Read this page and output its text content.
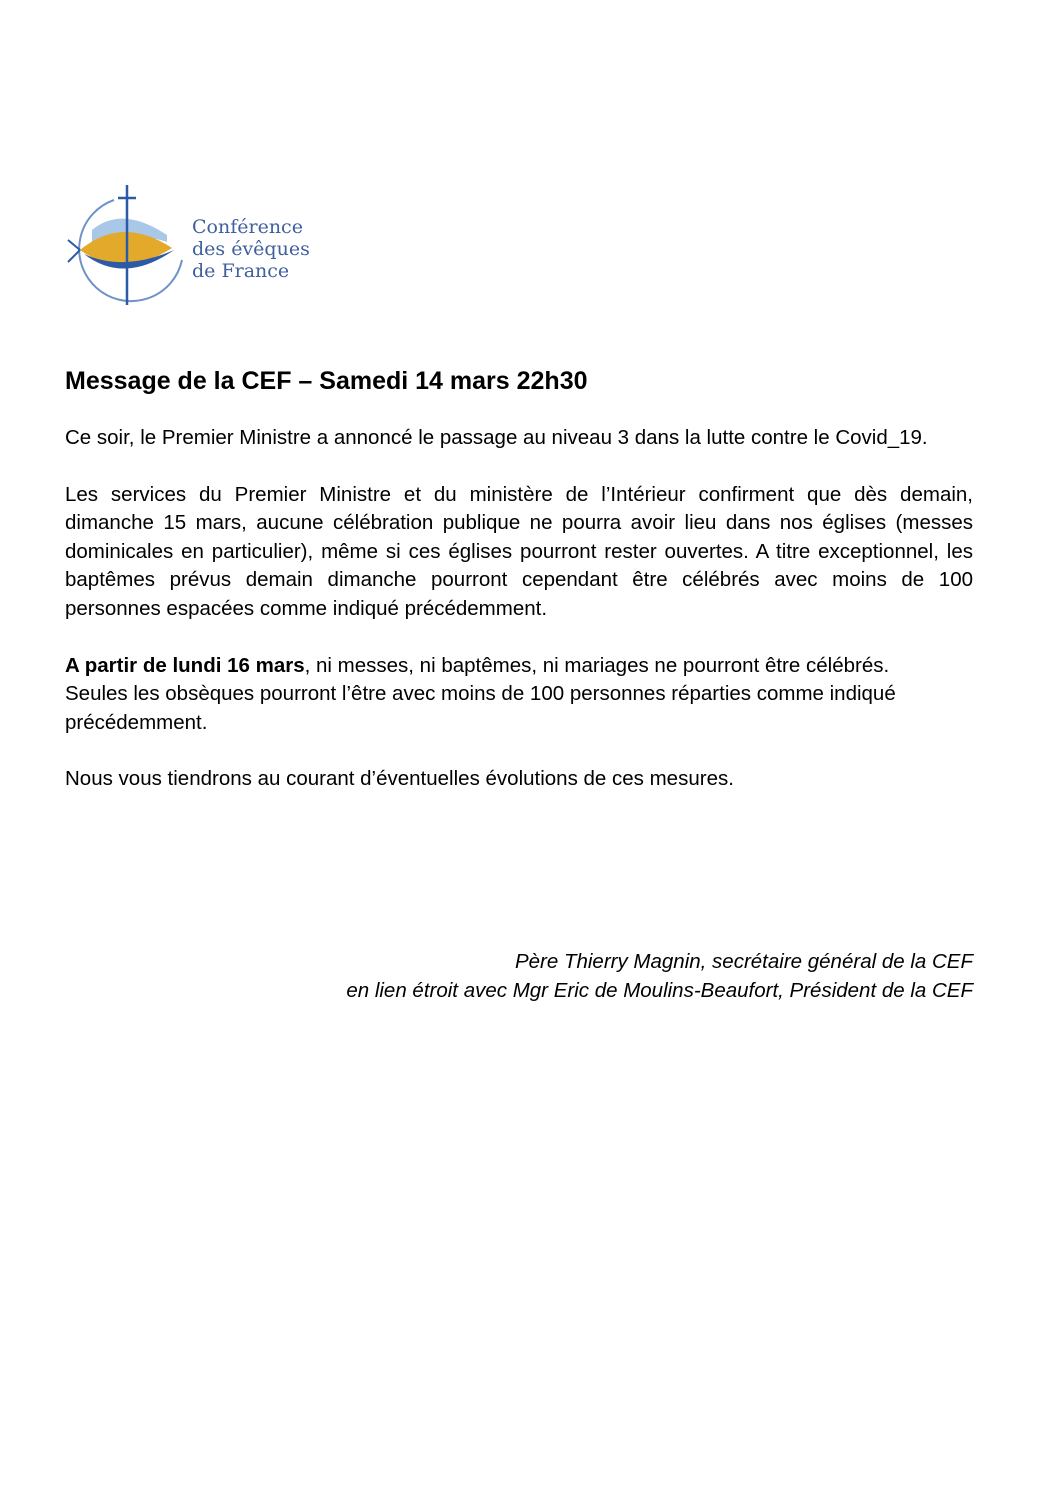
Conférence
des évêques
de France
Message de la CEF – Samedi 14 mars 22h30

Ce soir, le Premier Ministre a annoncé le passage au niveau 3 dans la lutte contre le Covid_19.

Les services du Premier Ministre et du ministère de l’Intérieur confirment que dès demain, dimanche 15 mars, aucune célébration publique ne pourra avoir lieu dans nos églises (messes dominicales en particulier), même si ces églises pourront rester ouvertes. A titre exceptionnel, les baptêmes prévus demain dimanche pourront cependant être célébrés avec moins de 100 personnes espacées comme indiqué précédemment.

A partir de lundi 16 mars, ni messes, ni baptêmes, ni mariages ne pourront être célébrés.
Seules les obsèques pourront l’être avec moins de 100 personnes réparties comme indiqué précédemment.

Nous vous tiendrons au courant d’éventuelles évolutions de ces mesures.

Père Thierry Magnin, secrétaire général de la CEF
en lien étroit avec Mgr Eric de Moulins-Beaufort, Président de la CEF
